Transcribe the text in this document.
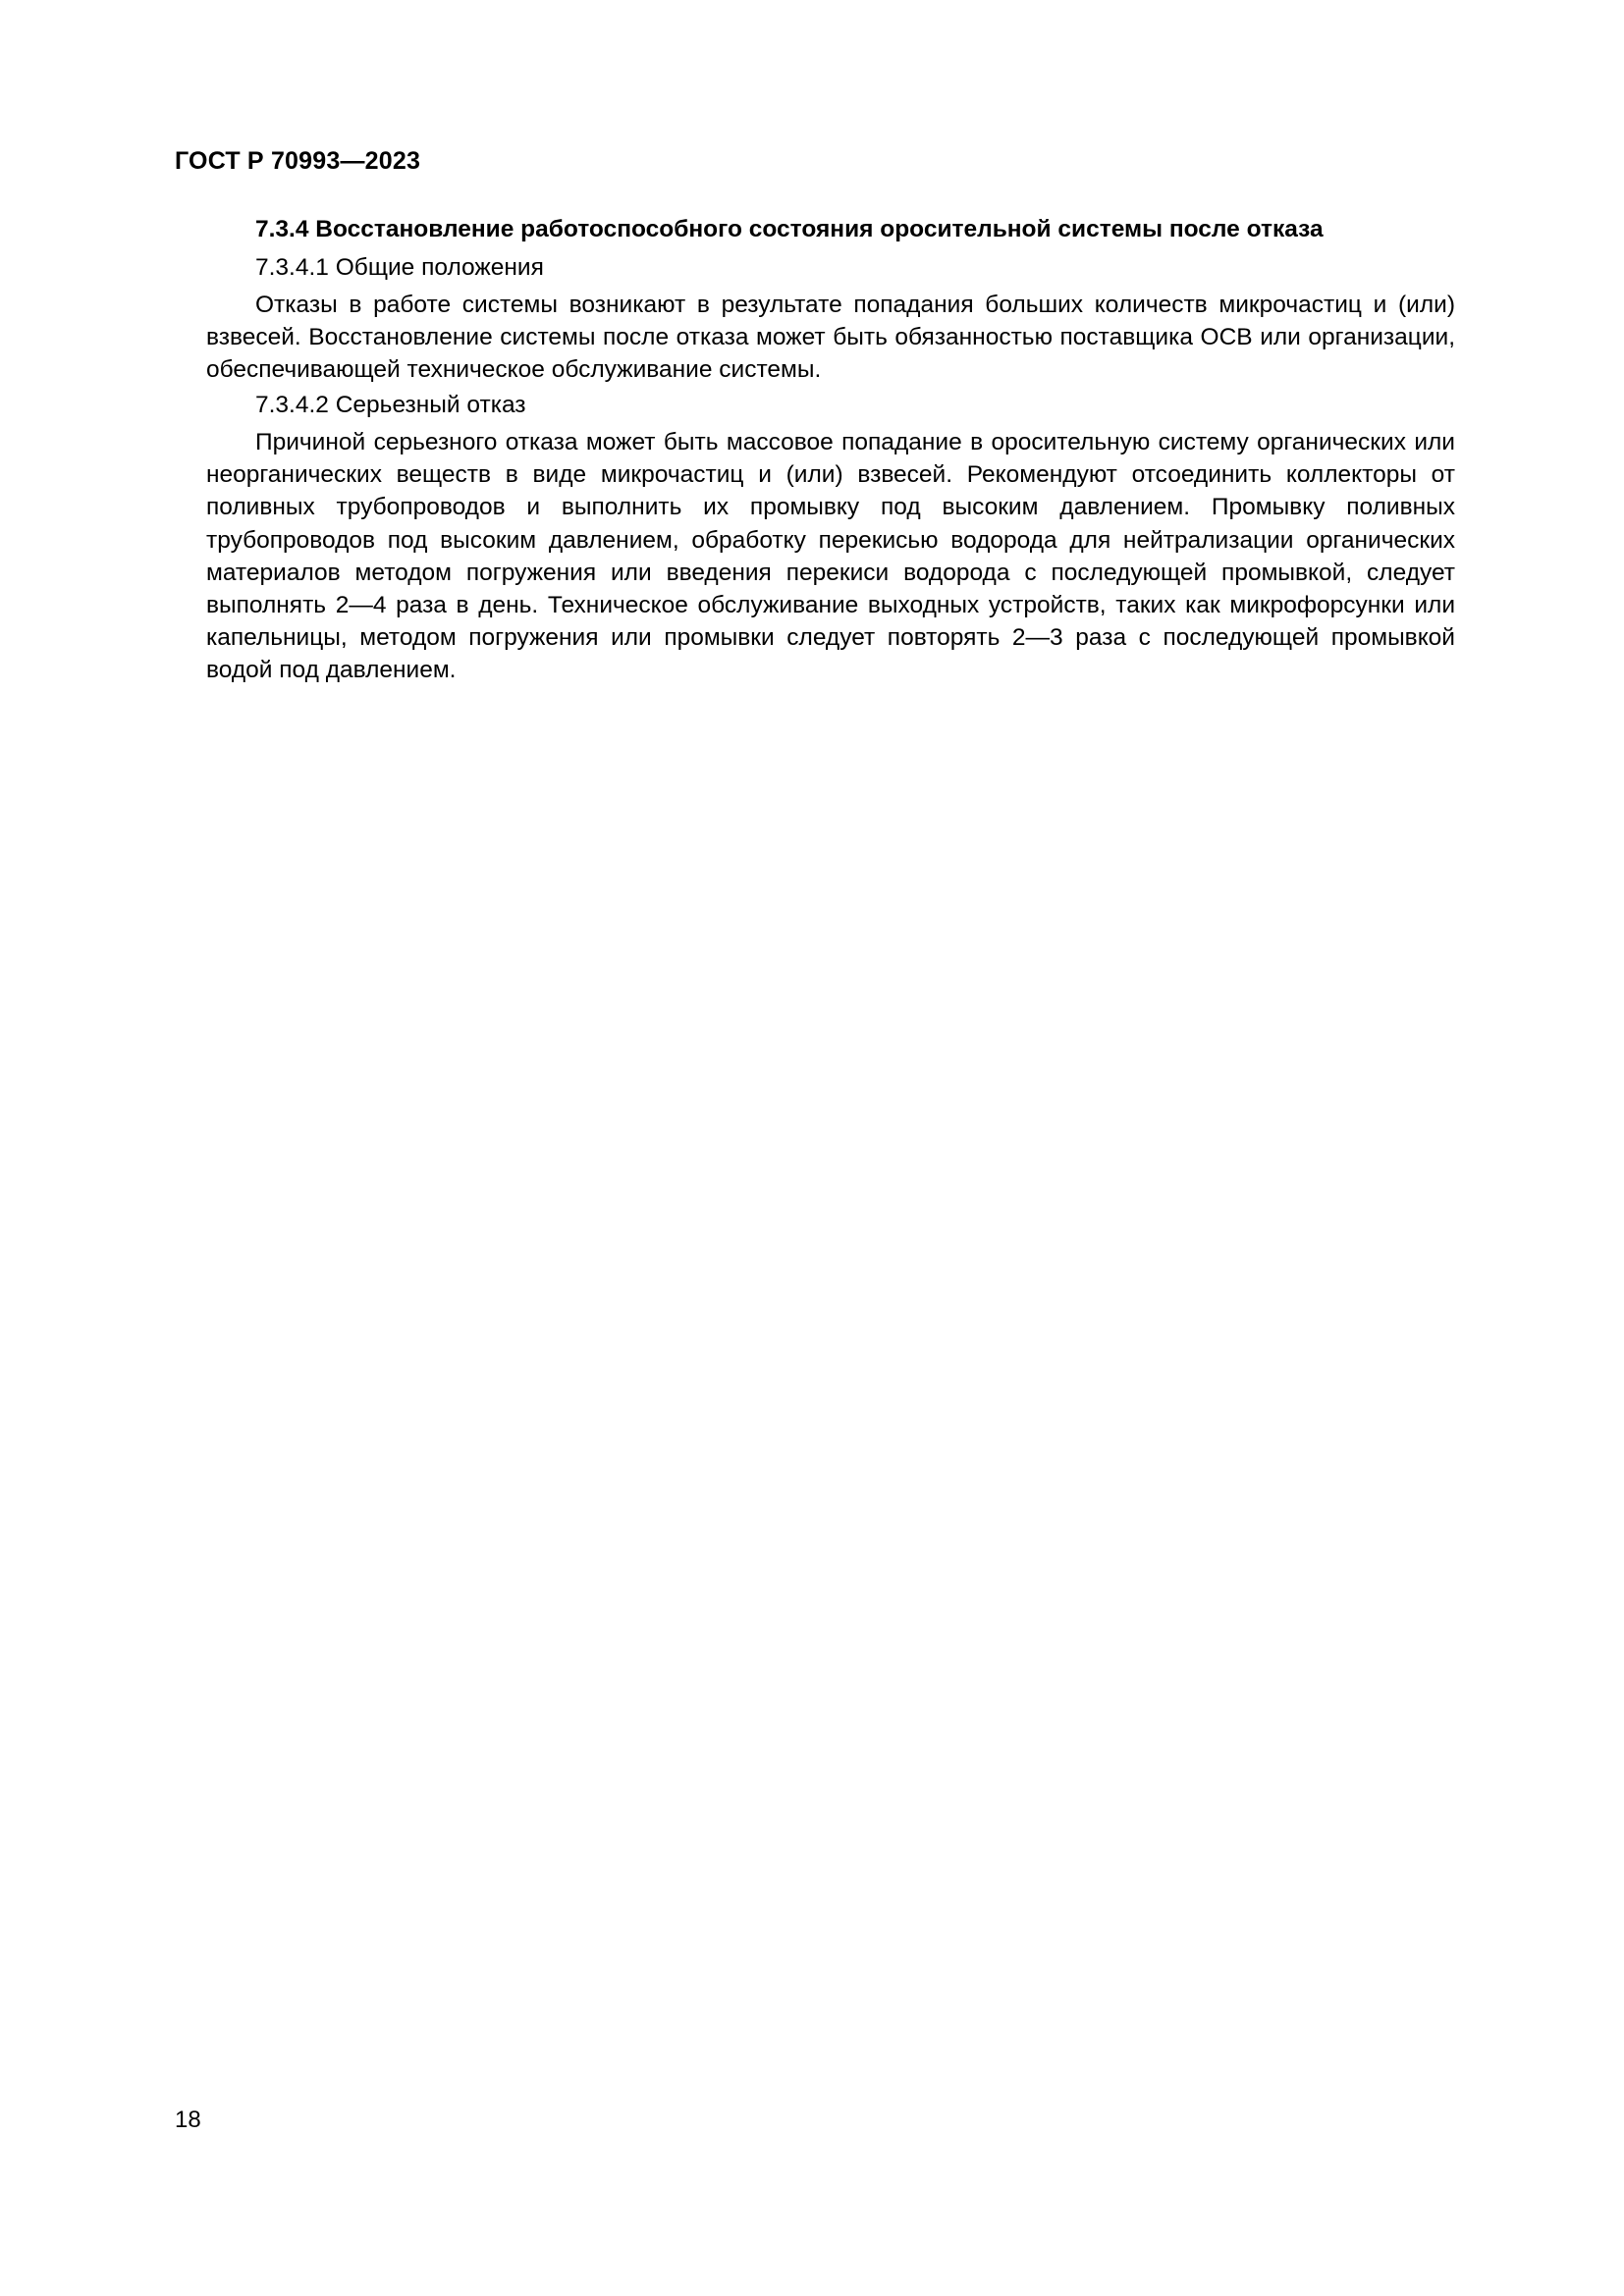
ГОСТ Р 70993—2023
7.3.4 Восстановление работоспособного состояния оросительной системы после отказа
7.3.4.1 Общие положения

Отказы в работе системы возникают в результате попадания больших количеств микрочастиц и (или) взвесей. Восстановление системы после отказа может быть обязанностью поставщика ОСВ или организации, обеспечивающей техническое обслуживание системы.

7.3.4.2 Серьезный отказ

Причиной серьезного отказа может быть массовое попадание в оросительную систему органических или неорганических веществ в виде микрочастиц и (или) взвесей. Рекомендуют отсоединить коллекторы от поливных трубопроводов и выполнить их промывку под высоким давлением. Промывку поливных трубопроводов под высоким давлением, обработку перекисью водорода для нейтрализации органических материалов методом погружения или введения перекиси водорода с последующей промывкой, следует выполнять 2—4 раза в день. Техническое обслуживание выходных устройств, таких как микрофорсунки или капельницы, методом погружения или промывки следует повторять 2—3 раза с последующей промывкой водой под давлением.

18
